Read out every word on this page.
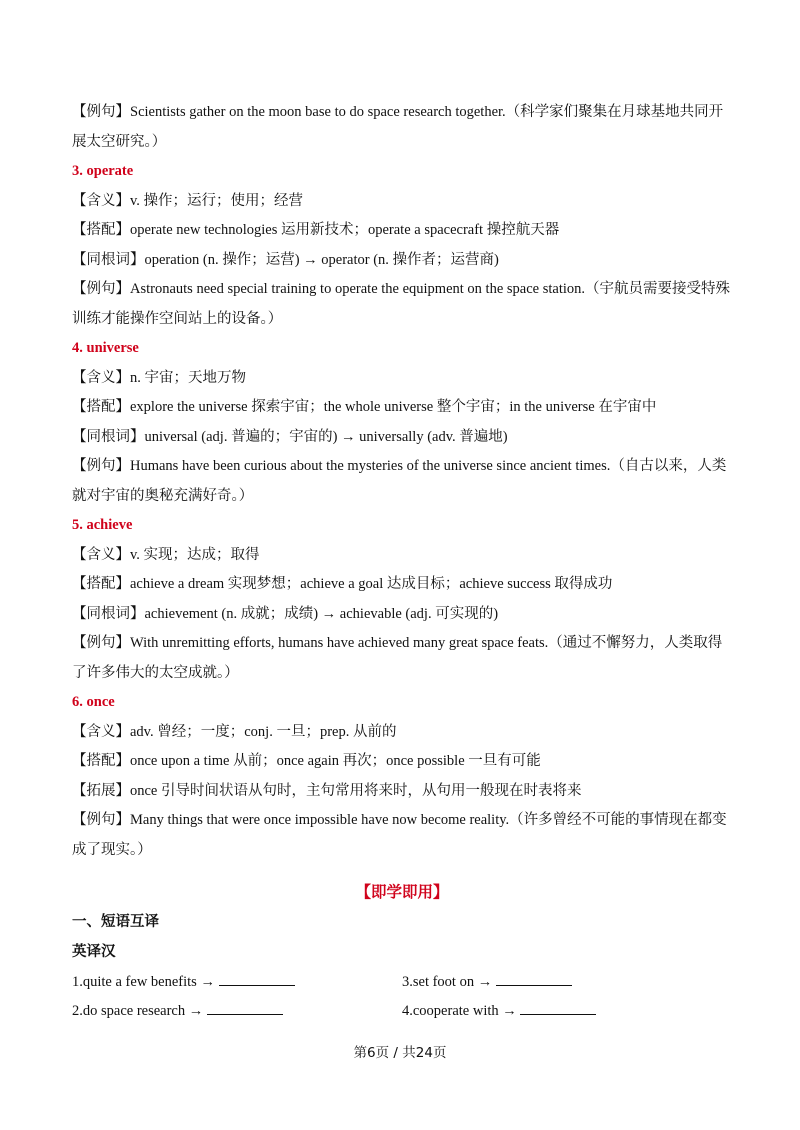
【例句】Scientists gather on the moon base to do space research together.（科学家们聚集在月球基地共同开展太空研究。）
3. operate
【含义】v. 操作；运行；使用；经营
【搭配】operate new technologies 运用新技术；operate a spacecraft 操控航天器
【同根词】operation (n. 操作；运营) → operator (n. 操作者；运营商)
【例句】Astronauts need special training to operate the equipment on the space station.（宇航员需要接受特殊训练才能操作空间站上的设备。）
4. universe
【含义】n. 宇宙；天地万物
【搭配】explore the universe 探索宇宙；the whole universe 整个宇宙；in the universe 在宇宙中
【同根词】universal (adj. 普遍的；宇宙的) → universally (adv. 普遍地)
【例句】Humans have been curious about the mysteries of the universe since ancient times.（自古以来，人类就对宇宙的奥秘充满好奇。）
5. achieve
【含义】v. 实现；达成；取得
【搭配】achieve a dream 实现梦想；achieve a goal 达成目标；achieve success 取得成功
【同根词】achievement (n. 成就；成绩) → achievable (adj. 可实现的)
【例句】With unremitting efforts, humans have achieved many great space feats.（通过不懈努力，人类取得了许多伟大的太空成就。）
6. once
【含义】adv. 曾经；一度；conj. 一旦；prep. 从前的
【搭配】once upon a time 从前；once again 再次；once possible 一旦有可能
【拓展】once 引导时间状语从句时，主句常用将来时，从句用一般现在时表将来
【例句】Many things that were once impossible have now become reality.（许多曾经不可能的事情现在都变成了现实。）
【即学即用】
一、短语互译
英译汉
1.quite a few benefits →	3.set foot on →
2.do space research →	4.cooperate with →
第6页 / 共24页
